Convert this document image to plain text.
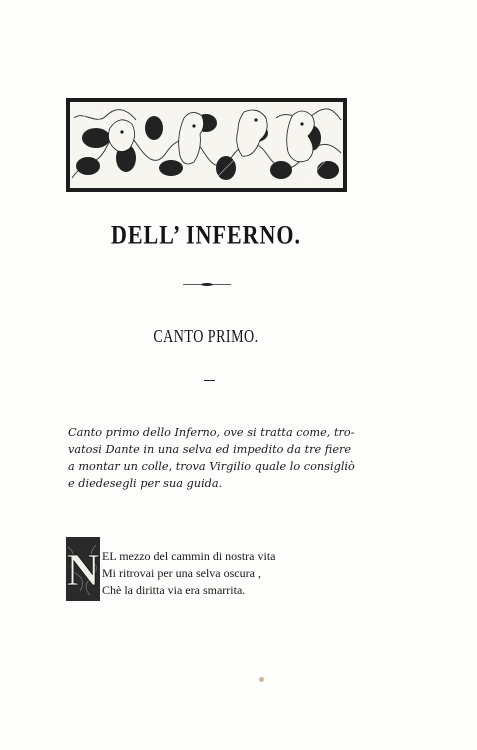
DELL’ INFERNO.
CANTO PRIMO.
Canto primo dello Inferno, ove si tratta come, tro-
vatosi Dante in una selva ed impedito da tre fiere
a montar un colle, trova Virgilio quale lo consigliò
e diedesegli per sua guida.
N EL mezzo del cammin di nostra vita
Mi ritrovai per una selva oscura ,
Chè la diritta via era smarrita.
